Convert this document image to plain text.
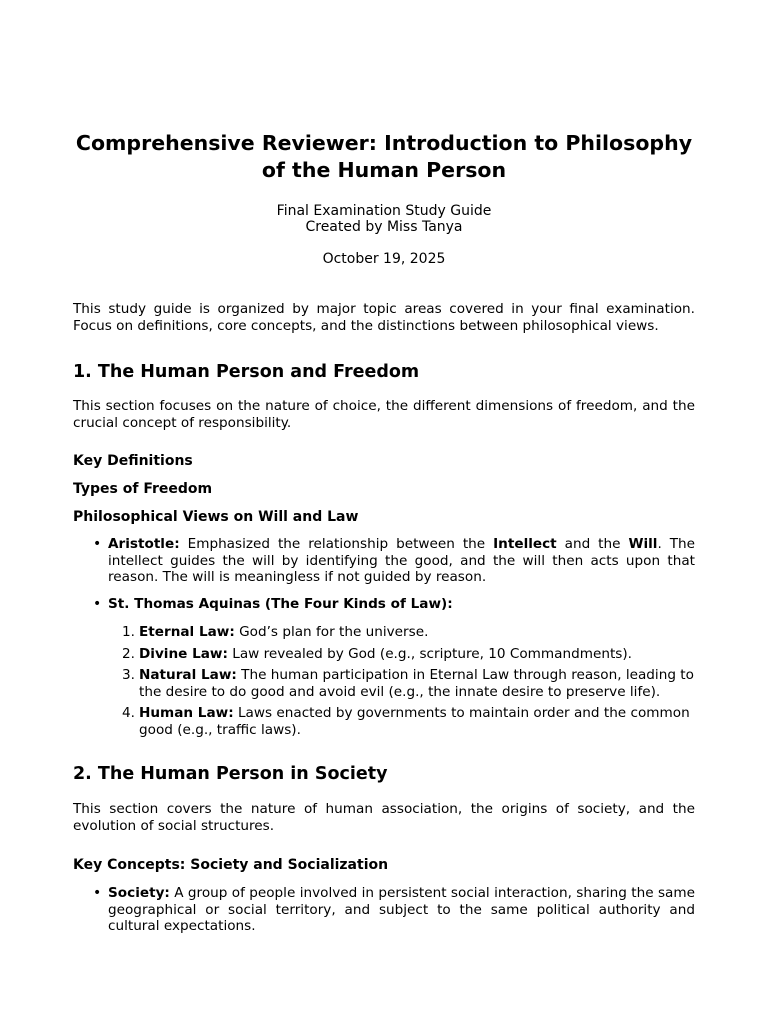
Comprehensive Reviewer: Introduction to Philosophy of the Human Person
Final Examination Study Guide
Created by Miss Tanya
October 19, 2025

This study guide is organized by major topic areas covered in your final examination. Focus on definitions, core concepts, and the distinctions between philosophical views.

1. The Human Person and Freedom

This section focuses on the nature of choice, the different dimensions of freedom, and the crucial concept of responsibility.

Key Definitions
Types of Freedom
Philosophical Views on Will and Law
• Aristotle: Emphasized the relationship between the Intellect and the Will. The intellect guides the will by identifying the good, and the will then acts upon that reason. The will is meaningless if not guided by reason.
• St. Thomas Aquinas (The Four Kinds of Law):
1. Eternal Law: God’s plan for the universe.
2. Divine Law: Law revealed by God (e.g., scripture, 10 Commandments).
3. Natural Law: The human participation in Eternal Law through reason, leading to the desire to do good and avoid evil (e.g., the innate desire to preserve life).
4. Human Law: Laws enacted by governments to maintain order and the common good (e.g., traffic laws).
2. The Human Person in Society

This section covers the nature of human association, the origins of society, and the evolution of social structures.

Key Concepts: Society and Socialization
• Society: A group of people involved in persistent social interaction, sharing the same geographical or social territory, and subject to the same political authority and cultural expectations.
